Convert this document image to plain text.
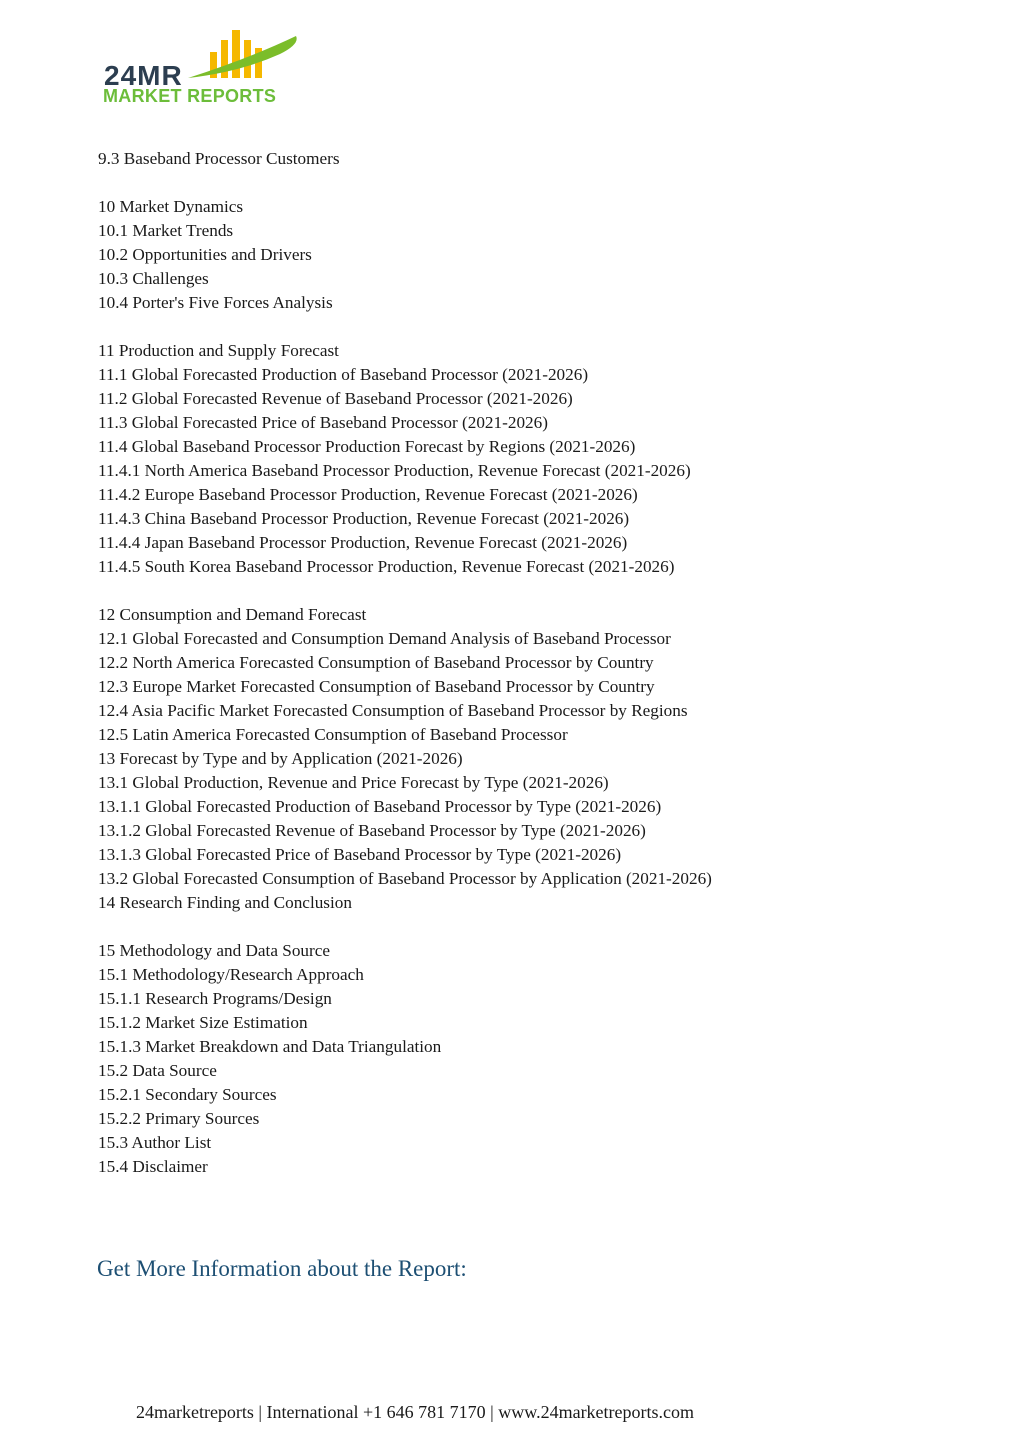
24MR
MARKET REPORTS
9.3 Baseband Processor Customers
10 Market Dynamics
10.1 Market Trends
10.2 Opportunities and Drivers
10.3 Challenges
10.4 Porter's Five Forces Analysis
11 Production and Supply Forecast
11.1 Global Forecasted Production of Baseband Processor (2021-2026)
11.2 Global Forecasted Revenue of Baseband Processor (2021-2026)
11.3 Global Forecasted Price of Baseband Processor (2021-2026)
11.4 Global Baseband Processor Production Forecast by Regions (2021-2026)
11.4.1 North America Baseband Processor Production, Revenue Forecast (2021-2026)
11.4.2 Europe Baseband Processor Production, Revenue Forecast (2021-2026)
11.4.3 China Baseband Processor Production, Revenue Forecast (2021-2026)
11.4.4 Japan Baseband Processor Production, Revenue Forecast (2021-2026)
11.4.5 South Korea Baseband Processor Production, Revenue Forecast (2021-2026)
12 Consumption and Demand Forecast
12.1 Global Forecasted and Consumption Demand Analysis of Baseband Processor
12.2 North America Forecasted Consumption of Baseband Processor by Country
12.3 Europe Market Forecasted Consumption of Baseband Processor by Country
12.4 Asia Pacific Market Forecasted Consumption of Baseband Processor by Regions
12.5 Latin America Forecasted Consumption of Baseband Processor
13 Forecast by Type and by Application (2021-2026)
13.1 Global Production, Revenue and Price Forecast by Type (2021-2026)
13.1.1 Global Forecasted Production of Baseband Processor by Type (2021-2026)
13.1.2 Global Forecasted Revenue of Baseband Processor by Type (2021-2026)
13.1.3 Global Forecasted Price of Baseband Processor by Type (2021-2026)
13.2 Global Forecasted Consumption of Baseband Processor by Application (2021-2026)
14 Research Finding and Conclusion
15 Methodology and Data Source
15.1 Methodology/Research Approach
15.1.1 Research Programs/Design
15.1.2 Market Size Estimation
15.1.3 Market Breakdown and Data Triangulation
15.2 Data Source
15.2.1 Secondary Sources
15.2.2 Primary Sources
15.3 Author List
15.4 Disclaimer
Get More Information about the Report:
24marketreports | International +1 646 781 7170 | www.24marketreports.com
